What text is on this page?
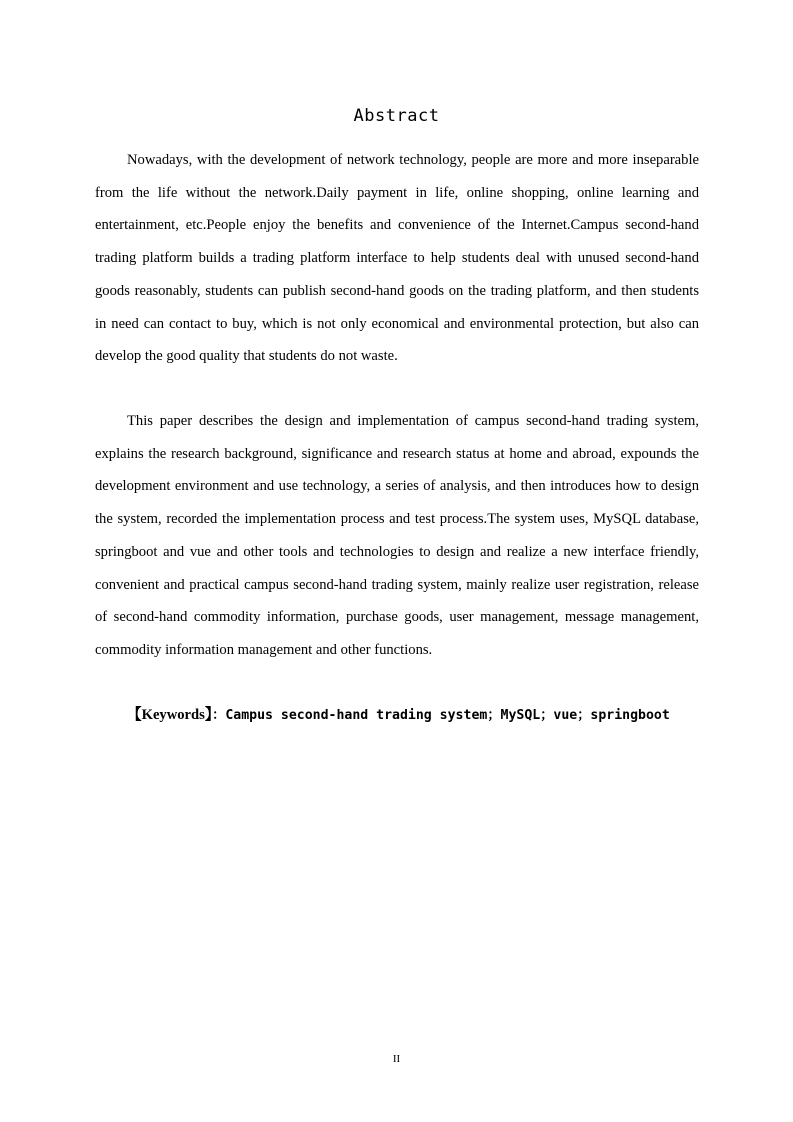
Abstract

Nowadays, with the development of network technology, people are more and more inseparable from the life without the network.Daily payment in life, online shopping, online learning and entertainment, etc.People enjoy the benefits and convenience of the Internet.Campus second-hand trading platform builds a trading platform interface to help students deal with unused second-hand goods reasonably, students can publish second-hand goods on the trading platform, and then students in need can contact to buy, which is not only economical and environmental protection, but also can develop the good quality that students do not waste.

This paper describes the design and implementation of campus second-hand trading system, explains the research background, significance and research status at home and abroad, expounds the development environment and use technology, a series of analysis, and then introduces how to design the system, recorded the implementation process and test process.The system uses, MySQL database, springboot and vue and other tools and technologies to design and realize a new interface friendly, convenient and practical campus second-hand trading system, mainly realize user registration, release of second-hand commodity information, purchase goods, user management, message management, commodity information management and other functions.

【Keywords】：Campus second-hand trading system；MySQL；vue；springboot
II
